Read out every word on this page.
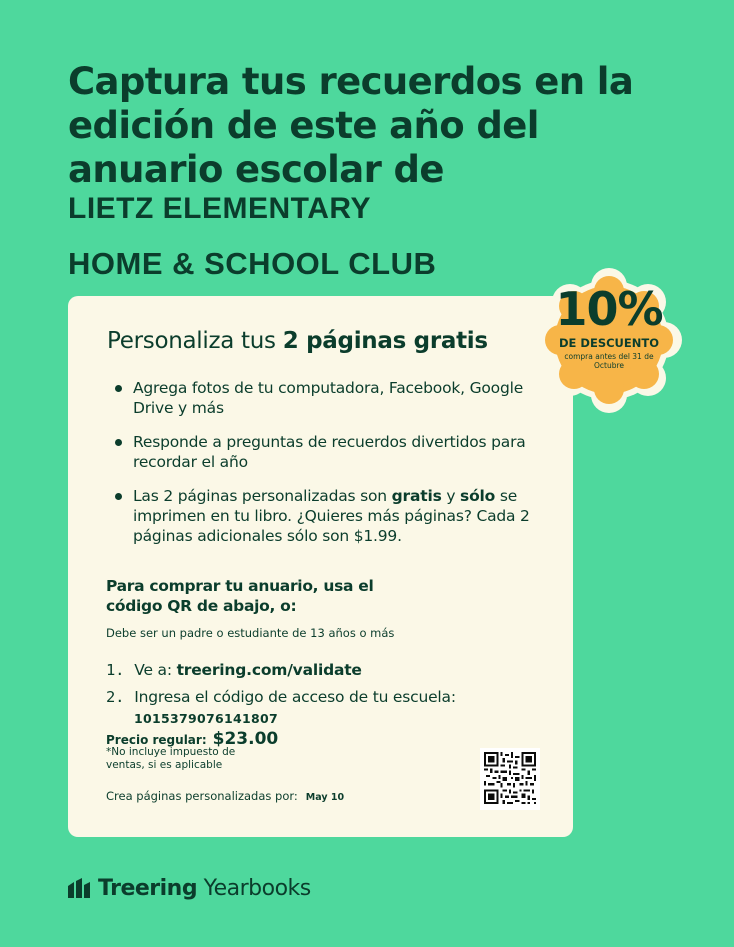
Captura tus recuerdos en la edición de este año del anuario escolar de
LIETZ ELEMENTARY
HOME & SCHOOL CLUB
Personaliza tus 2 páginas gratis
Agrega fotos de tu computadora, Facebook, Google Drive y más
Responde a preguntas de recuerdos divertidos para recordar el año
Las 2 páginas personalizadas son gratis y sólo se imprimen en tu libro. ¿Quieres más páginas? Cada 2 páginas adicionales sólo son $1.99.
Para comprar tu anuario, usa el código QR de abajo, o:
Debe ser un padre o estudiante de 13 años o más
1. Ve a: treering.com/validate
2. Ingresa el código de acceso de tu escuela:
1015379076141807
Precio regular: $23.00
*No incluye impuesto de ventas, si es aplicable
Crea páginas personalizadas por: May 10
10%
DE DESCUENTO
compra antes del 31 de Octubre
Treering Yearbooks
